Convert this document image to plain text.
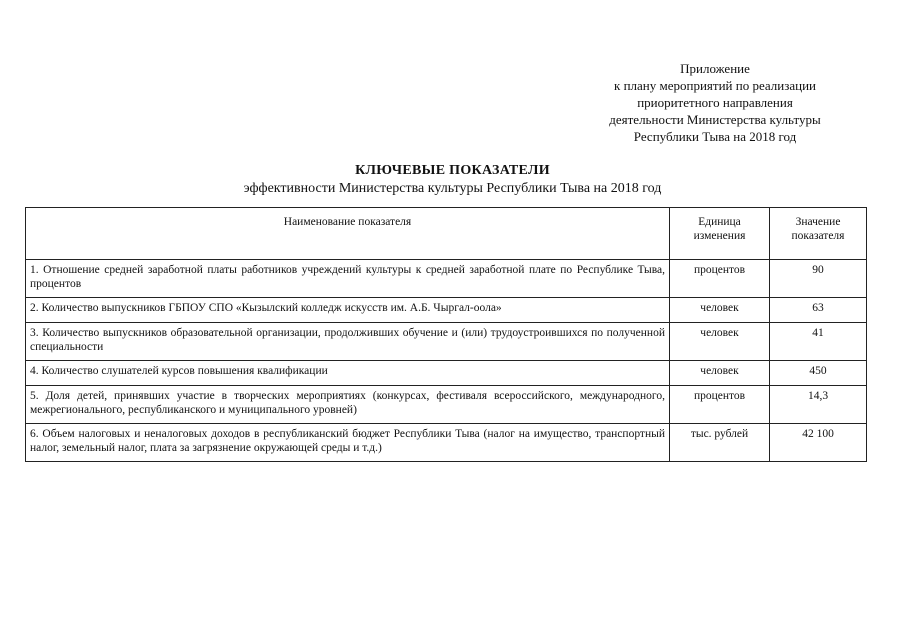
Приложение
к плану мероприятий по реализации
приоритетного направления
деятельности Министерства культуры
Республики Тыва на 2018 год
КЛЮЧЕВЫЕ ПОКАЗАТЕЛИ
эффективности Министерства культуры Республики Тыва на 2018 год
Наименование показателя	Единица изменения	Значение показателя
1. Отношение средней заработной платы работников учреждений культуры к средней заработной плате по Республике Тыва, процентов	процентов	90
2. Количество выпускников ГБПОУ СПО «Кызылский колледж искусств им. А.Б. Чыргал-оола»	человек	63
3. Количество выпускников образовательной организации, продолживших обучение и (или) трудоустроившихся по полученной специальности	человек	41
4. Количество слушателей курсов повышения квалификации	человек	450
5. Доля детей, принявших участие в творческих мероприятиях (конкурсах, фестиваля всероссийского, международного, межрегионального, республиканского и муниципального уровней)	процентов	14,3
6. Объем налоговых и неналоговых доходов в республиканский бюджет Республики Тыва (налог на имущество, транспортный налог, земельный налог, плата за загрязнение окружающей среды и т.д.)	тыс. рублей	42 100
